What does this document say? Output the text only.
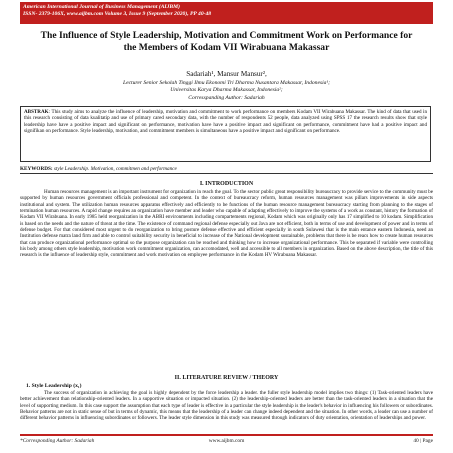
American International Journal of Business Management (AIJBM)
ISSN- 2379-106X, www.aijbm.com Volume 3, Issue 9 (September 2020), PP 40-48
The Influence of Style Leadership, Motivation and Commitment Work on Performance for the Members of Kodam VII Wirabuana Makassar
Sadariah¹, Mansur Mansur²,
Lecturer Senior Sekolah Tinggi Ilmu Ekonomi Tri Dharma Nusantara Makassar, Indonesia¹;
Universitas Karya Dharma Makassar, Indonesia²;
Corresspanding Author: Sadariah
ABSTRAK: This study aims to analyze the influence of leadership, motivation and commitment to work performance on members Kodam VII Wirabuana Makassar. The kind of data that used in this research consisting of data kualitatip and use of primary cared secondary data, with the number of respondents 52 people, data analyzed using SPSS 17 the research results show that style leadership have have a positive impact and significant on performance, motivation have have a positive impact and significant on performance, commitment have had a positive impact and signifikan on performance. Style leadership, motivation, and commitment members is simultaneous have a positive impact and significant on performance.
KEYWORDS: style Leadership. Motivation, commitmen and performance
I. INTRODUCTION
Human resources management is an important instrument for organization in reach the goal. To the sector public great responsibility bureaucracy to provide service to the community must be supported by human resources government officials professional and competent. In the context of bureaucracy reform, human resources management was pillars improvements in side aspects institutional and system. The utilization human resources apparatus effectively and efficiently to be functions of the human resource management bureaucracy starting from planning to the stages of termination human resources. A rapid change requires an organization have member and leader who capable of adapting effectively to improve the systems of a work as constant, history the formation of Kodam VII Wirabuana. In early 1985 held reorganization in the ABRI environments including compartements regional, Kodam which was originally only has 17 simplified to 10 kodam. Simplification is based on the needs and the nature of threat at the time. The existence of command regional defense especially out Java are not efficient, both in terms of use and development of power and in terms of defense budget. For that considered most urgent to do reorganization to bring posture defense effective and efficient especially in south Sulawesi that is the main entance eastern Indonesia, need an Institution defense matra land firm and able to control suitability security in beneficial to increase of the National development sustainable, problems that there is be reacs how to create human resources that can produce organizational performance optimal so the purpose organization can be reached and thinking how to increase organizational performance. This be separated if variable were controlling his body among others style leadership, motivation work commitment organization, can accomodated, well and accessible to all members in organization. Based on the above description, the title of this research is the influence of leadership style, commitment and work motivation on employee performance in the Kodam HV Wirabuana Makassar.
II. LITERATURE REVIEW / THEORY
1. Style Leadership (x₁)
The success of organization in achieving the goal is highly dependent by the force leadership a leader. the fuller style leadership model implies two things: (1) Task-oriented leaders have better achievement than relationship-oriented leaders. In a supportive situation or impacted situation. (2) the leadership-oriented leaders are better than the task-oriented leaders in a situation that the level of supporting medium. In this case support the assumption that each type of leader is effective in a particular the style leadership is the leader's behavior in influencing his followers or subordinates. Behavior patterns are not in static sense of but in terms of dynamic, this means that the leadership of a leader can change indeed dependent and the situation. In other words, a leader can use a number of different behavior patterns in influencing subordinates or followers. The leader style dimension in this study was measured through indicators of duty orientation, orientation of leaderships and power.
*Corresponding Author: Sadariah	www.aijbm.com	40 | Page
